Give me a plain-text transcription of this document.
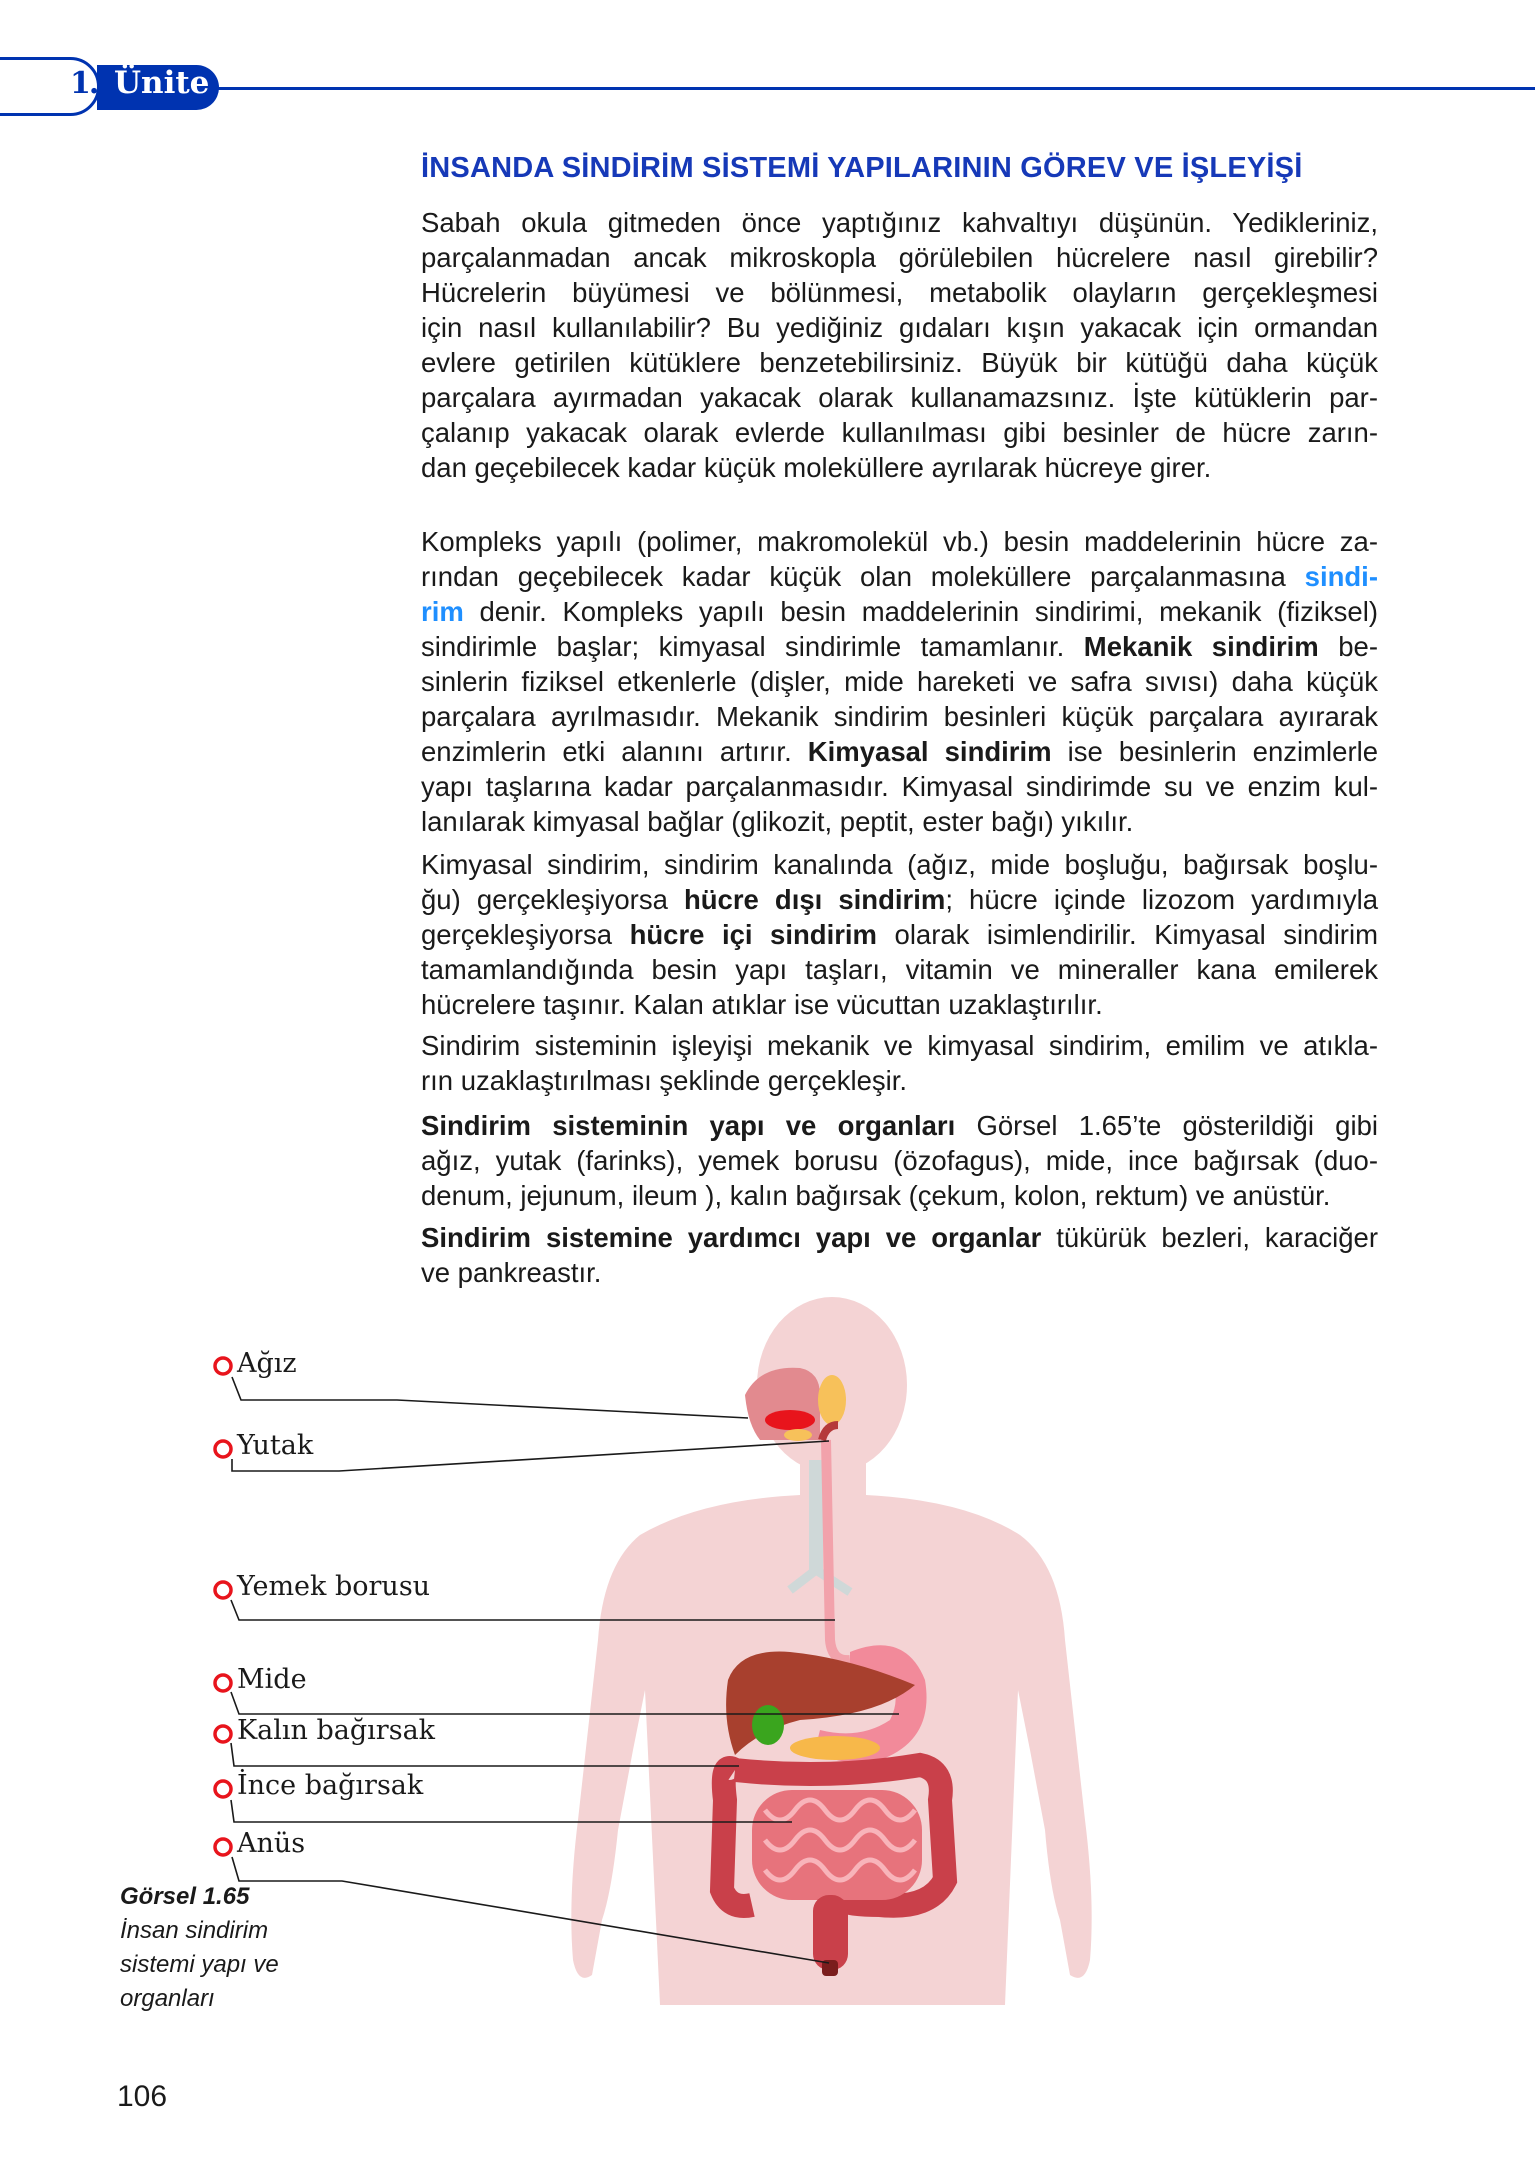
1. Ünite
İNSANDA SİNDİRİM SİSTEMİ YAPILARININ GÖREV VE İŞLEYİŞİ
Sabah okula gitmeden önce yaptığınız kahvaltıyı düşünün. Yedikleriniz,
parçalanmadan ancak mikroskopla görülebilen hücrelere nasıl girebilir?
Hücrelerin büyümesi ve bölünmesi, metabolik olayların gerçekleşmesi
için nasıl kullanılabilir? Bu yediğiniz gıdaları kışın yakacak için ormandan
evlere getirilen kütüklere benzetebilirsiniz. Büyük bir kütüğü daha küçük
parçalara ayırmadan yakacak olarak kullanamazsınız. İşte kütüklerin par-
çalanıp yakacak olarak evlerde kullanılması gibi besinler de hücre zarın-
dan geçebilecek kadar küçük moleküllere ayrılarak hücreye girer.
Kompleks yapılı (polimer, makromolekül vb.) besin maddelerinin hücre za-
rından geçebilecek kadar küçük olan moleküllere parçalanmasına sindi-
rim denir. Kompleks yapılı besin maddelerinin sindirimi, mekanik (fiziksel)
sindirimle başlar; kimyasal sindirimle tamamlanır. Mekanik sindirim be-
sinlerin fiziksel etkenlerle (dişler, mide hareketi ve safra sıvısı) daha küçük
parçalara ayrılmasıdır. Mekanik sindirim besinleri küçük parçalara ayırarak
enzimlerin etki alanını artırır. Kimyasal sindirim ise besinlerin enzimlerle
yapı taşlarına kadar parçalanmasıdır. Kimyasal sindirimde su ve enzim kul-
lanılarak kimyasal bağlar (glikozit, peptit, ester bağı) yıkılır.
Kimyasal sindirim, sindirim kanalında (ağız, mide boşluğu, bağırsak boşlu-
ğu) gerçekleşiyorsa hücre dışı sindirim; hücre içinde lizozom yardımıyla
gerçekleşiyorsa hücre içi sindirim olarak isimlendirilir. Kimyasal sindirim
tamamlandığında besin yapı taşları, vitamin ve mineraller kana emilerek
hücrelere taşınır. Kalan atıklar ise vücuttan uzaklaştırılır.
Sindirim sisteminin işleyişi mekanik ve kimyasal sindirim, emilim ve atıkla-
rın uzaklaştırılması şeklinde gerçekleşir.
Sindirim sisteminin yapı ve organları Görsel 1.65’te gösterildiği gibi
ağız, yutak (farinks), yemek borusu (özofagus), mide, ince bağırsak (duo-
denum, jejunum, ileum ), kalın bağırsak (çekum, kolon, rektum) ve anüstür.
Sindirim sistemine yardımcı yapı ve organlar tükürük bezleri, karaciğer
ve pankreastır.
Ağız
Yutak
Yemek borusu
Mide
Kalın bağırsak
İnce bağırsak
Anüs
Görsel 1.65
İnsan sindirim
sistemi yapı ve
organları
106
